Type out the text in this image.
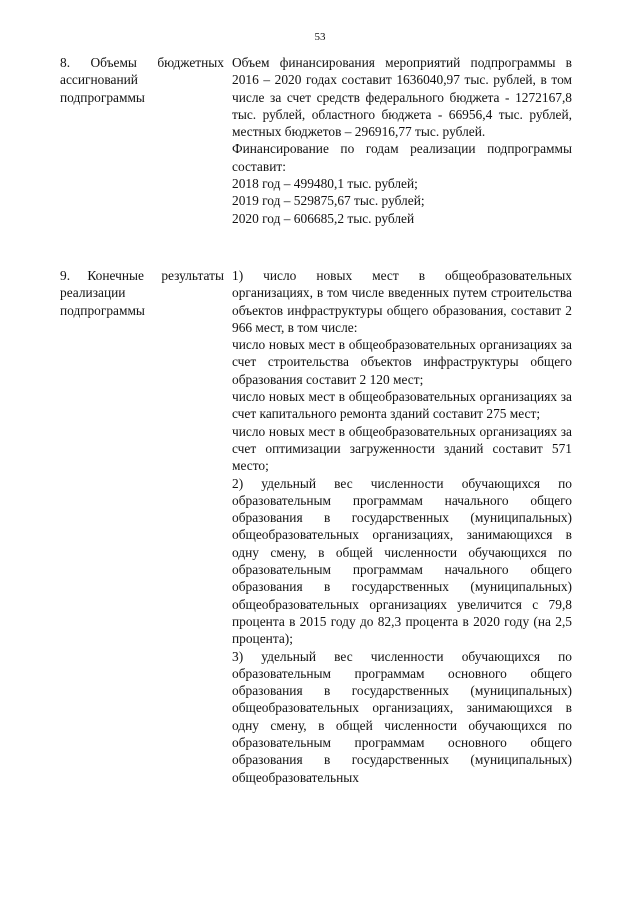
53
8. Объемы бюджетных
ассигнований
подпрограммы

Объем финансирования мероприятий подпрограммы в 2016 – 2020 годах составит 1636040,97 тыс. рублей, в том числе за счет средств федерального бюджета - 1272167,8 тыс. рублей, областного бюджета - 66956,4 тыс. рублей, местных бюджетов – 296916,77 тыс. рублей.

Финансирование по годам реализации подпрограммы составит:

2018 год – 499480,1 тыс. рублей;

2019 год – 529875,67 тыс. рублей;

2020 год – 606685,2 тыс. рублей

9. Конечные результаты
реализации
подпрограммы

1) число новых мест в общеобразовательных организациях, в том числе введенных путем строительства объектов инфраструктуры общего образования, составит 2 966 мест, в том числе:

число новых мест в общеобразовательных организациях за счет строительства объектов инфраструктуры общего образования составит 2 120 мест;

число новых мест в общеобразовательных организациях за счет капитального ремонта зданий составит 275 мест;

число новых мест в общеобразовательных организациях за счет оптимизации загруженности зданий составит 571 место;

2) удельный вес численности обучающихся по образовательным программам начального общего образования в государственных (муниципальных) общеобразовательных организациях, занимающихся в одну смену, в общей численности обучающихся по образовательным программам начального общего образования в государственных (муниципальных) общеобразовательных организациях увеличится с 79,8 процента в 2015 году до 82,3 процента в 2020 году (на 2,5 процента);

3) удельный вес численности обучающихся по образовательным программам основного общего образования в государственных (муниципальных) общеобразовательных организациях, занимающихся в одну смену, в общей численности обучающихся по образовательным программам основного общего образования в государственных (муниципальных) общеобразовательных
